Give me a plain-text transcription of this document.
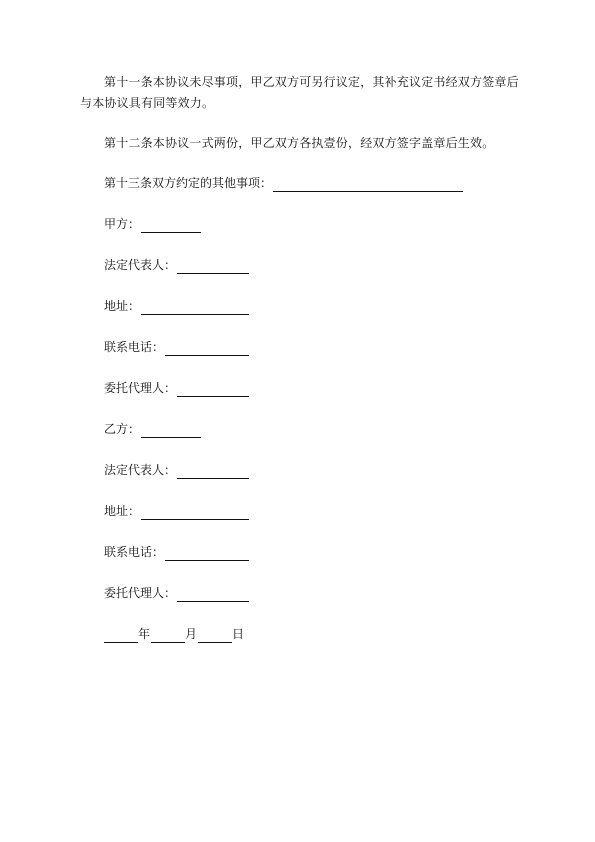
第十一条本协议未尽事项，甲乙双方可另行议定，其补充议定书经双方签章后与本协议具有同等效力。

第十二条本协议一式两份，甲乙双方各执壹份，经双方签字盖章后生效。

第十三条双方约定的其他事项：
甲方：
法定代表人：
地址：
联系电话：
委托代理人：
乙方：
法定代表人：
地址：
联系电话：
委托代理人：
年	月	日
